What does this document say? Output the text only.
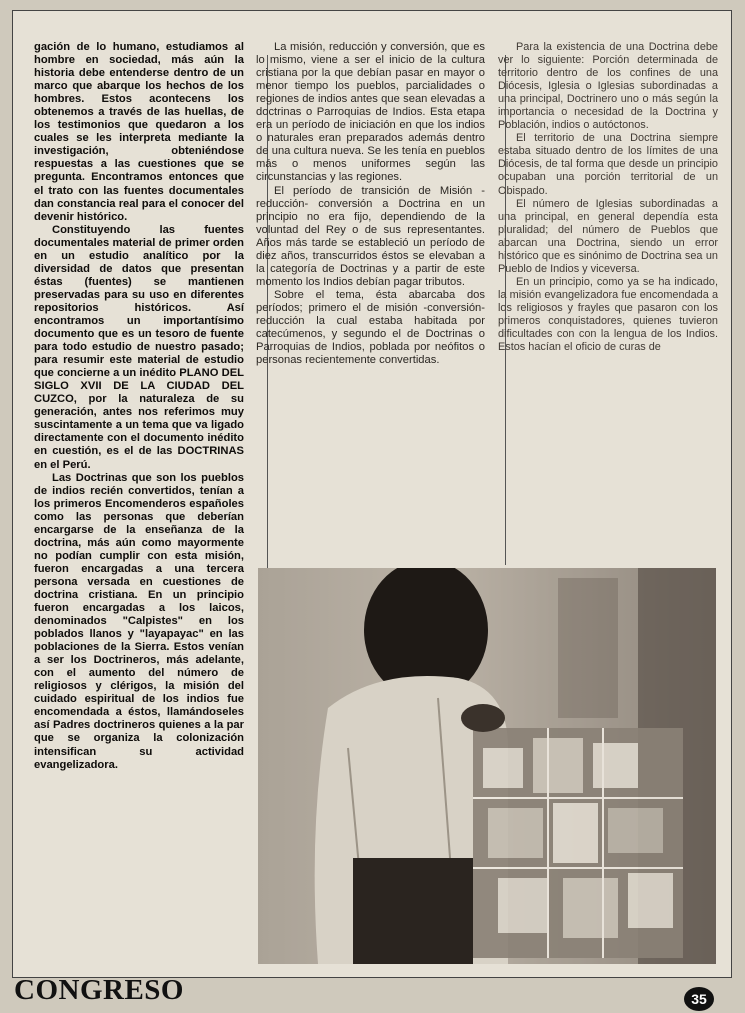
gación de lo humano, estudiamos al hombre en sociedad, más aún la historia debe entenderse dentro de un marco que abarque los hechos de los hombres. Estos acontecens los obtenemos a través de las huellas, de los testimonios que quedaron a los cuales se les interpreta mediante la investigación, obteniéndose respuestas a las cuestiones que se pregunta. Encontramos entonces que el trato con las fuentes documentales dan constancia real para el conocer del devenir histórico.

Constituyendo las fuentes documentales material de primer orden en un estudio analítico por la diversidad de datos que presentan éstas (fuentes) se mantienen preservadas para su uso en diferentes repositorios históricos. Así encontramos un importantísimo documento que es un tesoro de fuente para todo estudio de nuestro pasado; para resumir este material de estudio que concierne a un inédito PLANO DEL SIGLO XVII DE LA CIUDAD DEL CUZCO, por la naturaleza de su generación, antes nos referimos muy suscintamente a un tema que va ligado directamente con el documento inédito en cuestión, es el de las DOCTRINAS en el Perú.

Las Doctrinas que son los pueblos de indios recién convertidos, tenían a los primeros Encomenderos españoles como las personas que deberían encargarse de la enseñanza de la doctrina, más aún como mayormente no podían cumplir con esta misión, fueron encargadas a una tercera persona versada en cuestiones de doctrina cristiana. En un principio fueron encargadas a los laicos, denominados "Calpistes" en los poblados llanos y "layapayac" en las poblaciones de la Sierra. Estos venían a ser los Doctrineros, más adelante, con el aumento del número de religiosos y clérigos, la misión del cuidado espiritual de los indios fue encomendada a éstos, llamándoseles así Padres doctrineros quienes a la par que se organiza la colonización intensifican su actividad evangelizadora.

La misión, reducción y conversión, que es lo mismo, viene a ser el inicio de la cultura cristiana por la que debían pasar en mayor o menor tiempo los pueblos, parcialidades o regiones de indios antes que sean elevadas a doctrinas o Parroquias de Indios. Esta etapa era un período de iniciación en que los indios o naturales eran preparados además dentro de una cultura nueva. Se les tenía en pueblos más o menos uniformes según las circunstancias y las regiones.

El período de transición de Misión -reducción- conversión a Doctrina en un principio no era fijo, dependiendo de la voluntad del Rey o de sus representantes. Años más tarde se estableció un período de diez años, transcurridos éstos se elevaban a la categoría de Doctrinas y a partir de este momento los Indios debían pagar tributos.

Sobre el tema, ésta abarcaba dos períodos; primero el de misión -conversión- reducción la cual estaba habitada por catecúmenos, y segundo el de Doctrinas o Parroquias de Indios, poblada por neófitos o personas recientemente convertidas.

Para la existencia de una Doctrina debe ver lo siguiente: Porción determinada de territorio dentro de los confines de una Diócesis, Iglesia o Iglesias subordinadas a una principal, Doctrinero uno o más según la importancia o necesidad de la Doctrina y Población, indios o autóctonos.

El territorio de una Doctrina siempre estaba situado dentro de los límites de una Diócesis, de tal forma que desde un principio ocupaban una porción territorial de un Obispado.

El número de Iglesias subordinadas a una principal, en general dependía esta pluralidad; del número de Pueblos que abarcan una Doctrina, siendo un error histórico que es sinónimo de Doctrina sea un Pueblo de Indios y viceversa.

En un principio, como ya se ha indicado, la misión evangelizadora fue encomendada a los religiosos y frayles que pasaron con los primeros conquistadores, quienes tuvieron dificultades con con la lengua de los Indios. Estos hacían el oficio de curas de

CONGRESO	35
